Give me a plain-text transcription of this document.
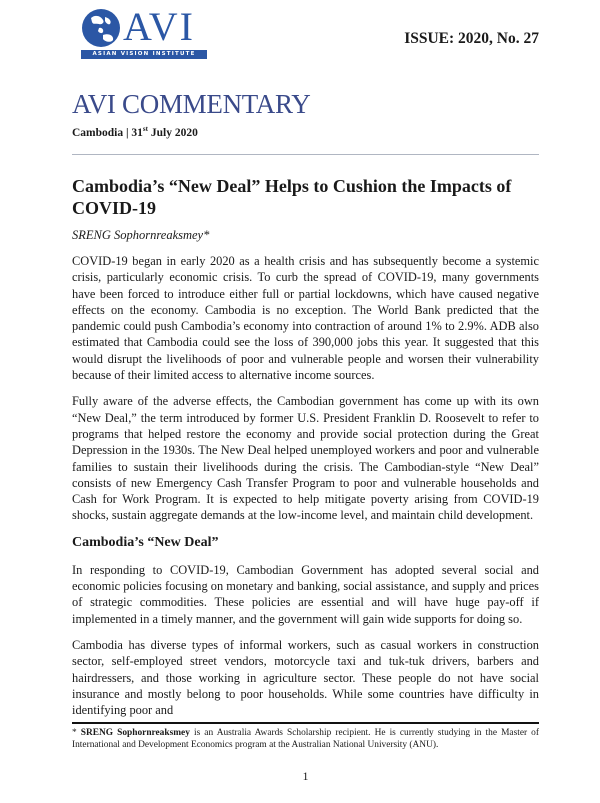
AVI
ASIAN VISION INSTITUTE
ISSUE: 2020, No. 27
AVI COMMENTARY
Cambodia | 31st July 2020
Cambodia’s “New Deal” Helps to Cushion the Impacts of COVID-19
SRENG Sophornreaksmey*
COVID-19 began in early 2020 as a health crisis and has subsequently become a systemic crisis, particularly economic crisis. To curb the spread of COVID-19, many governments have been forced to introduce either full or partial lockdowns, which have caused negative effects on the economy. Cambodia is no exception. The World Bank predicted that the pandemic could push Cambodia’s economy into contraction of around 1% to 2.9%. ADB also estimated that Cambodia could see the loss of 390,000 jobs this year. It suggested that this would disrupt the livelihoods of poor and vulnerable people and worsen their vulnerability because of their limited access to alternative income sources.
Fully aware of the adverse effects, the Cambodian government has come up with its own “New Deal,” the term introduced by former U.S. President Franklin D. Roosevelt to refer to programs that helped restore the economy and provide social protection during the Great Depression in the 1930s. The New Deal helped unemployed workers and poor and vulnerable families to sustain their livelihoods during the crisis. The Cambodian-style “New Deal” consists of new Emergency Cash Transfer Program to poor and vulnerable households and Cash for Work Program. It is expected to help mitigate poverty arising from COVID-19 shocks, sustain aggregate demands at the low-income level, and maintain child development.
Cambodia’s “New Deal”
In responding to COVID-19, Cambodian Government has adopted several social and economic policies focusing on monetary and banking, social assistance, and supply and prices of strategic commodities. These policies are essential and will have huge pay-off if implemented in a timely manner, and the government will gain wide supports for doing so.
Cambodia has diverse types of informal workers, such as casual workers in construction sector, self-employed street vendors, motorcycle taxi and tuk-tuk drivers, barbers and hairdressers, and those working in agriculture sector. These people do not have social insurance and mostly belong to poor households. While some countries have difficulty in identifying poor and
* SRENG Sophornreaksmey is an Australia Awards Scholarship recipient. He is currently studying in the Master of International and Development Economics program at the Australian National University (ANU).
1
